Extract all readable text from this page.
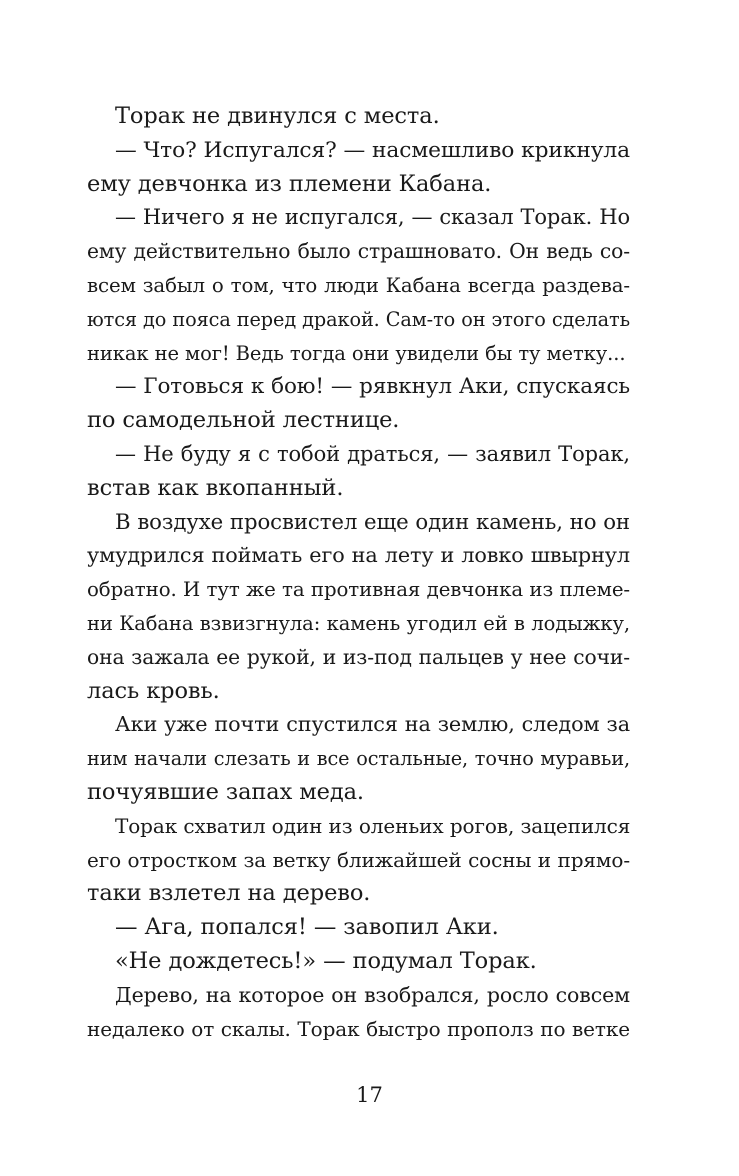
Торак не двинулся с места.
— Что? Испугался? — насмешливо крикнула
ему девчонка из племени Кабана.
— Ничего я не испугался, — сказал Торак. Но
ему действительно было страшновато. Он ведь со-
всем забыл о том, что люди Кабана всегда раздева-
ются до пояса перед дракой. Сам-то он этого сделать
никак не мог! Ведь тогда они увидели бы ту метку...
— Готовься к бою! — рявкнул Аки, спускаясь
по самодельной лестнице.
— Не буду я с тобой драться, — заявил Торак,
встав как вкопанный.
В воздухе просвистел еще один камень, но он
умудрился поймать его на лету и ловко швырнул
обратно. И тут же та противная девчонка из племе-
ни Кабана взвизгнула: камень угодил ей в лодыжку,
она зажала ее рукой, и из-под пальцев у нее сочи-
лась кровь.
Аки уже почти спустился на землю, следом за
ним начали слезать и все остальные, точно муравьи,
почуявшие запах меда.
Торак схватил один из оленьих рогов, зацепился
его отростком за ветку ближайшей сосны и прямо-
таки взлетел на дерево.
— Ага, попался! — завопил Аки.
«Не дождетесь!» — подумал Торак.
Дерево, на которое он взобрался, росло совсем
недалеко от скалы. Торак быстро прополз по ветке
17
